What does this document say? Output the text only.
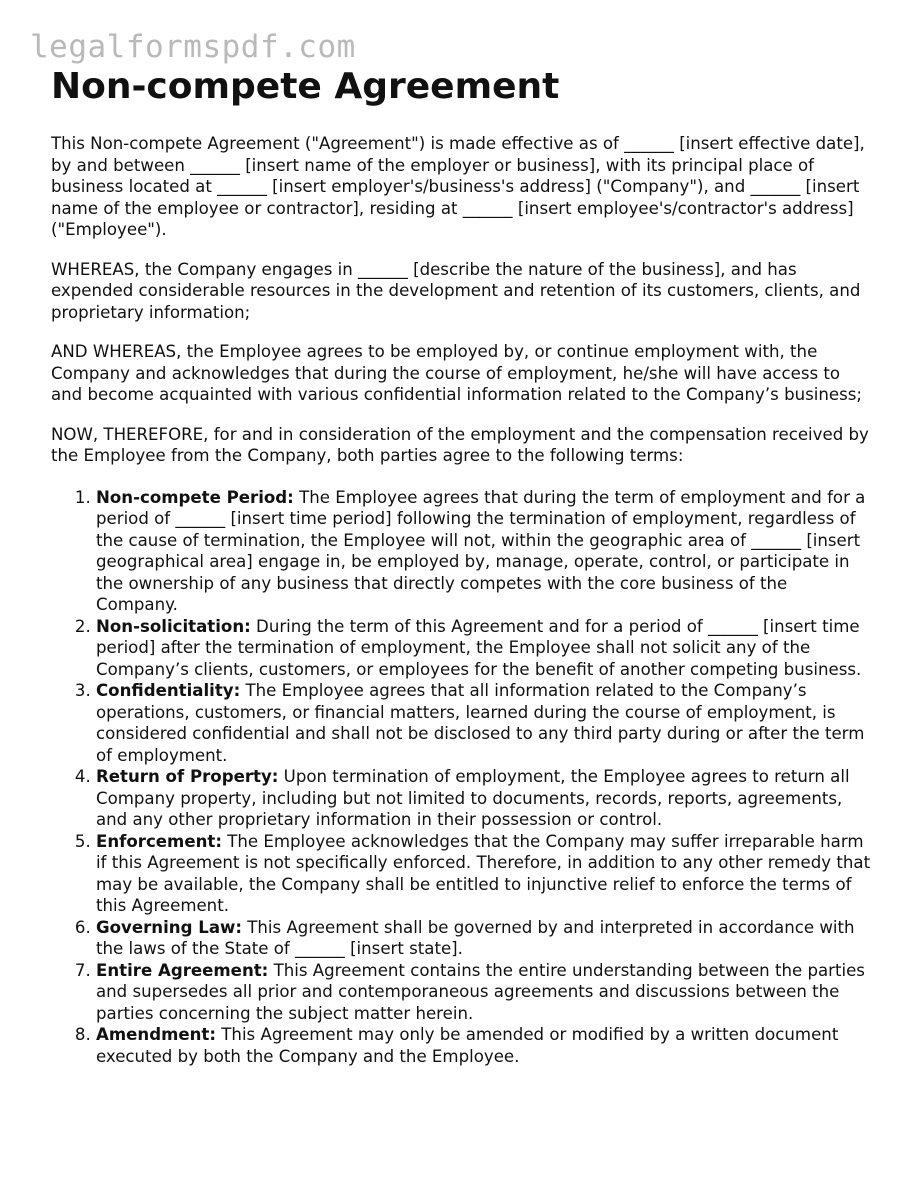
legalformspdf.com
Non-compete Agreement

This Non-compete Agreement ("Agreement") is made effective as of ______ [insert effective date], by and between ______ [insert name of the employer or business], with its principal place of business located at ______ [insert employer's/business's address] ("Company"), and ______ [insert name of the employee or contractor], residing at ______ [insert employee's/contractor's address] ("Employee").

WHEREAS, the Company engages in ______ [describe the nature of the business], and has expended considerable resources in the development and retention of its customers, clients, and proprietary information;

AND WHEREAS, the Employee agrees to be employed by, or continue employment with, the Company and acknowledges that during the course of employment, he/she will have access to and become acquainted with various confidential information related to the Company’s business;

NOW, THEREFORE, for and in consideration of the employment and the compensation received by the Employee from the Company, both parties agree to the following terms:

1. Non-compete Period: The Employee agrees that during the term of employment and for a period of ______ [insert time period] following the termination of employment, regardless of the cause of termination, the Employee will not, within the geographic area of ______ [insert geographical area] engage in, be employed by, manage, operate, control, or participate in the ownership of any business that directly competes with the core business of the Company.
2. Non-solicitation: During the term of this Agreement and for a period of ______ [insert time period] after the termination of employment, the Employee shall not solicit any of the Company’s clients, customers, or employees for the benefit of another competing business.
3. Confidentiality: The Employee agrees that all information related to the Company’s operations, customers, or financial matters, learned during the course of employment, is considered confidential and shall not be disclosed to any third party during or after the term of employment.
4. Return of Property: Upon termination of employment, the Employee agrees to return all Company property, including but not limited to documents, records, reports, agreements, and any other proprietary information in their possession or control.
5. Enforcement: The Employee acknowledges that the Company may suffer irreparable harm if this Agreement is not specifically enforced. Therefore, in addition to any other remedy that may be available, the Company shall be entitled to injunctive relief to enforce the terms of this Agreement.
6. Governing Law: This Agreement shall be governed by and interpreted in accordance with the laws of the State of ______ [insert state].
7. Entire Agreement: This Agreement contains the entire understanding between the parties and supersedes all prior and contemporaneous agreements and discussions between the parties concerning the subject matter herein.
8. Amendment: This Agreement may only be amended or modified by a written document executed by both the Company and the Employee.
